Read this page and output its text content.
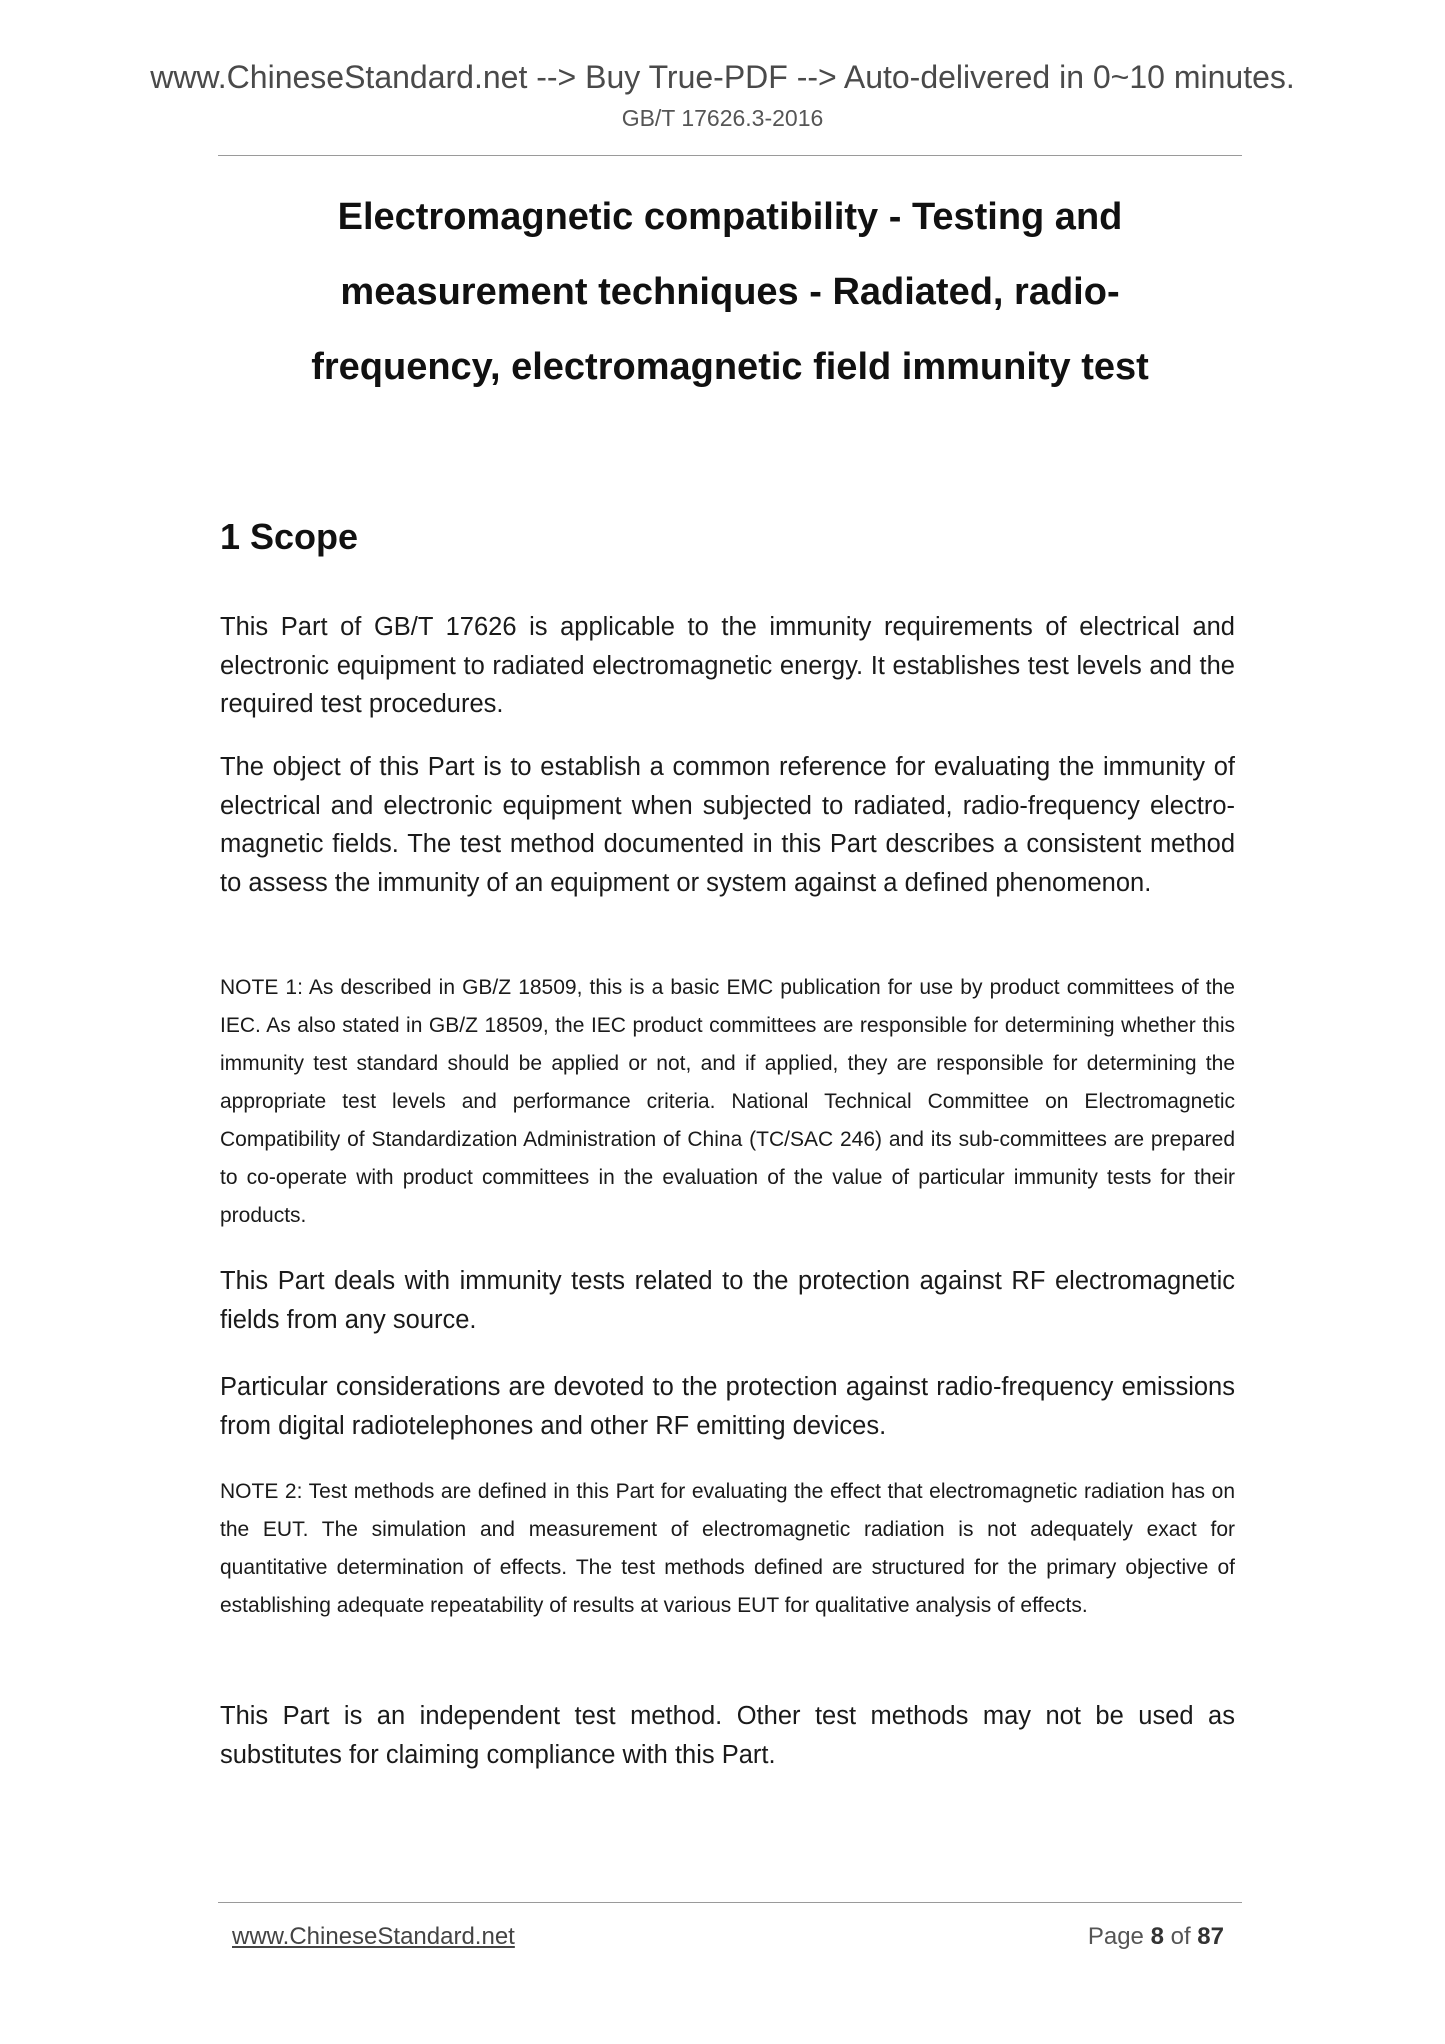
www.ChineseStandard.net --> Buy True-PDF --> Auto-delivered in 0~10 minutes.
GB/T 17626.3-2016
Electromagnetic compatibility - Testing and
measurement techniques - Radiated, radio-
frequency, electromagnetic field immunity test
1 Scope

This Part of GB/T 17626 is applicable to the immunity requirements of electrical and electronic equipment to radiated electromagnetic energy. It establishes test levels and the required test procedures.

The object of this Part is to establish a common reference for evaluating the immunity of electrical and electronic equipment when subjected to radiated, radio-frequency electro- magnetic fields. The test method documented in this Part describes a consistent method to assess the immunity of an equipment or system against a defined phenomenon.

NOTE 1: As described in GB/Z 18509, this is a basic EMC publication for use by product committees of the IEC. As also stated in GB/Z 18509, the IEC product committees are responsible for determining whether this immunity test standard should be applied or not, and if applied, they are responsible for determining the appropriate test levels and performance criteria. National Technical Committee on Electromagnetic Compatibility of Standardization Administration of China (TC/SAC 246) and its sub-committees are prepared to co-operate with product committees in the evaluation of the value of particular immunity tests for their products.

This Part deals with immunity tests related to the protection against RF electromagnetic fields from any source.

Particular considerations are devoted to the protection against radio-frequency emissions from digital radiotelephones and other RF emitting devices.

NOTE 2: Test methods are defined in this Part for evaluating the effect that electromagnetic radiation has on the EUT. The simulation and measurement of electromagnetic radiation is not adequately exact for quantitative determination of effects. The test methods defined are structured for the primary objective of establishing adequate repeatability of results at various EUT for qualitative analysis of effects.

This Part is an independent test method. Other test methods may not be used as substitutes for claiming compliance with this Part.

www.ChineseStandard.net	Page 8 of 87
